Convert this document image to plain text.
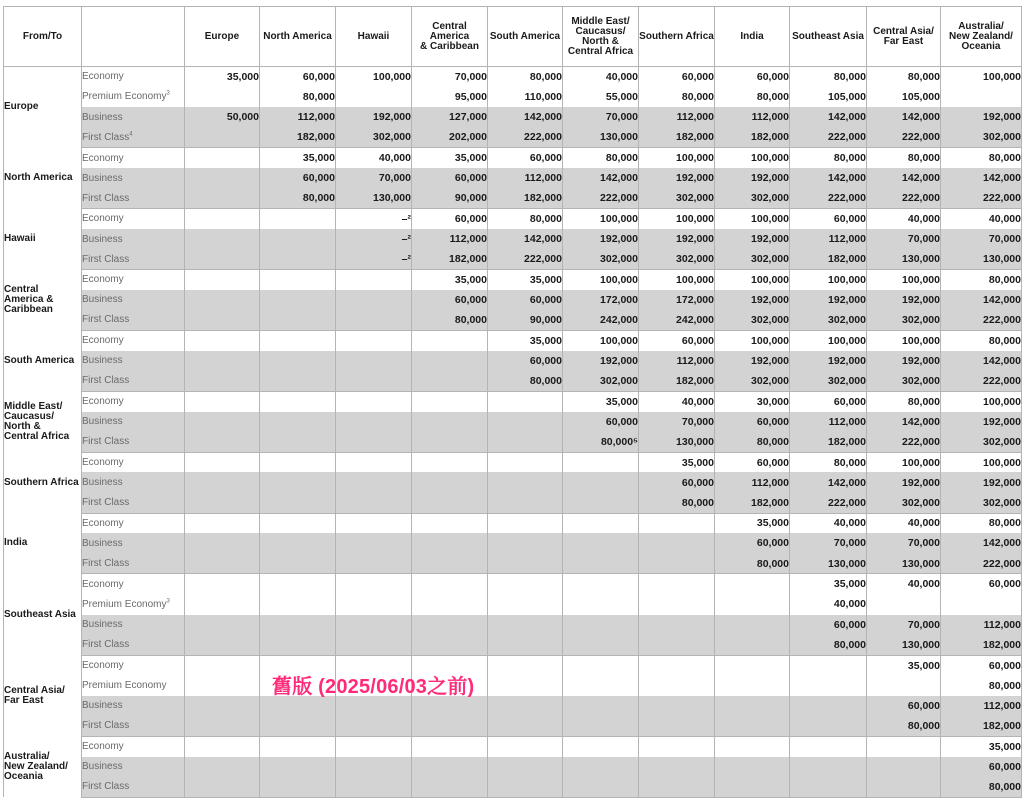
From/To		Europe	North America	Hawaii	Central America
& Caribbean	South America	Middle East/
Caucasus/
North &
Central Africa	Southern Africa	India	Southeast Asia	Central Asia/
Far East	Australia/
New Zealand/
Oceania
Europe	Economy	35,000	60,000	100,000	70,000	80,000	40,000	60,000	60,000	80,000	80,000	100,000
	Premium Economy$^3$		80,000		95,000	110,000	55,000	80,000	80,000	105,000	105,000	
	Business	50,000	112,000	192,000	127,000	142,000	70,000	112,000	112,000	142,000	142,000	192,000
	First Class$^4$		182,000	302,000	202,000	222,000	130,000	182,000	182,000	222,000	222,000	302,000
North America	Economy		35,000	40,000	35,000	60,000	80,000	100,000	100,000	80,000	80,000	80,000
	Business		60,000	70,000	60,000	112,000	142,000	192,000	192,000	142,000	142,000	142,000
	First Class		80,000	130,000	90,000	182,000	222,000	302,000	302,000	222,000	222,000	222,000
Hawaii	Economy			–²	60,000	80,000	100,000	100,000	100,000	60,000	40,000	40,000
	Business			–²	112,000	142,000	192,000	192,000	192,000	112,000	70,000	70,000
	First Class			–²	182,000	222,000	302,000	302,000	302,000	182,000	130,000	130,000
Central
America &
Caribbean	Economy				35,000	35,000	100,000	100,000	100,000	100,000	100,000	80,000
	Business				60,000	60,000	172,000	172,000	192,000	192,000	192,000	142,000
	First Class				80,000	90,000	242,000	242,000	302,000	302,000	302,000	222,000
South America	Economy					35,000	100,000	60,000	100,000	100,000	100,000	80,000
	Business					60,000	192,000	112,000	192,000	192,000	192,000	142,000
	First Class					80,000	302,000	182,000	302,000	302,000	302,000	222,000
Middle East/
Caucasus/
North &
Central Africa	Economy						35,000	40,000	30,000	60,000	80,000	100,000
	Business						60,000	70,000	60,000	112,000	142,000	192,000
	First Class						80,000⁵	130,000	80,000	182,000	222,000	302,000
Southern Africa	Economy							35,000	60,000	80,000	100,000	100,000
	Business							60,000	112,000	142,000	192,000	192,000
	First Class							80,000	182,000	222,000	302,000	302,000
India	Economy								35,000	40,000	40,000	80,000
	Business								60,000	70,000	70,000	142,000
	First Class								80,000	130,000	130,000	222,000
Southeast Asia	Economy									35,000	40,000	60,000
	Premium Economy$^3$									40,000		
	Business									60,000	70,000	112,000
	First Class									80,000	130,000	182,000
Central Asia/
Far East	Economy										35,000	60,000
	Premium Economy											80,000
	Business										60,000	112,000
	First Class										80,000	182,000
Australia/
New Zealand/
Oceania	Economy											35,000
	Business											60,000
	First Class											80,000
舊版 (2025/06/03之前)
